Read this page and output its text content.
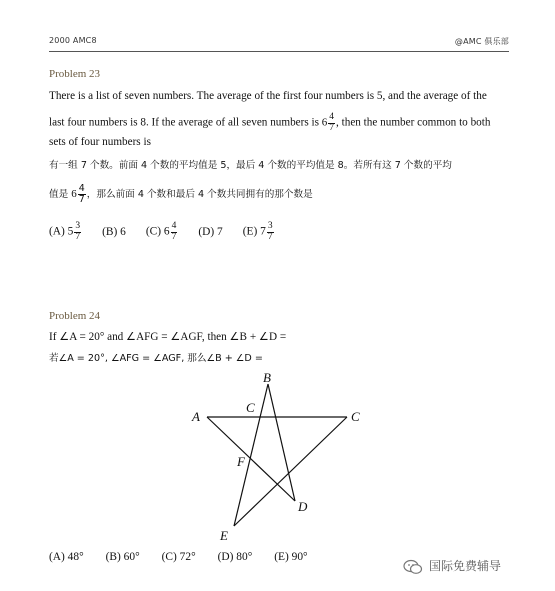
2000 AMC8	@AMC 俱乐部
Problem 23
There is a list of seven numbers. The average of the first four numbers is 5, and the average of the
last four numbers is 8. If the average of all seven numbers is $6 \frac{4}{7}$ , then the number common to both
sets of four numbers is
有一组 7 个数。前面 4 个数的平均值是 5，最后 4 个数的平均值是 8。若所有这 7 个数的平均
值是 $6 \frac{4}{7}$ ，那么前面 4 个数和最后 4 个数共同拥有的那个数是
(A) $5 \frac{3}{7} (B)$ 6 (C) $6 \frac{4}{7} (D)$ 7 (E) $7 \frac{3}{7}$
Problem 24
If ∠A = 20° and ∠AFG = ∠AGF, then ∠B + ∠D =
若∠A = 20°, ∠AFG = ∠AGF, 那么∠B + ∠D =
A
B
C
C
F
D
E
(A) 48° (B) 60° (C) 72° (D) 80° (E) 90°
国际免费辅导
